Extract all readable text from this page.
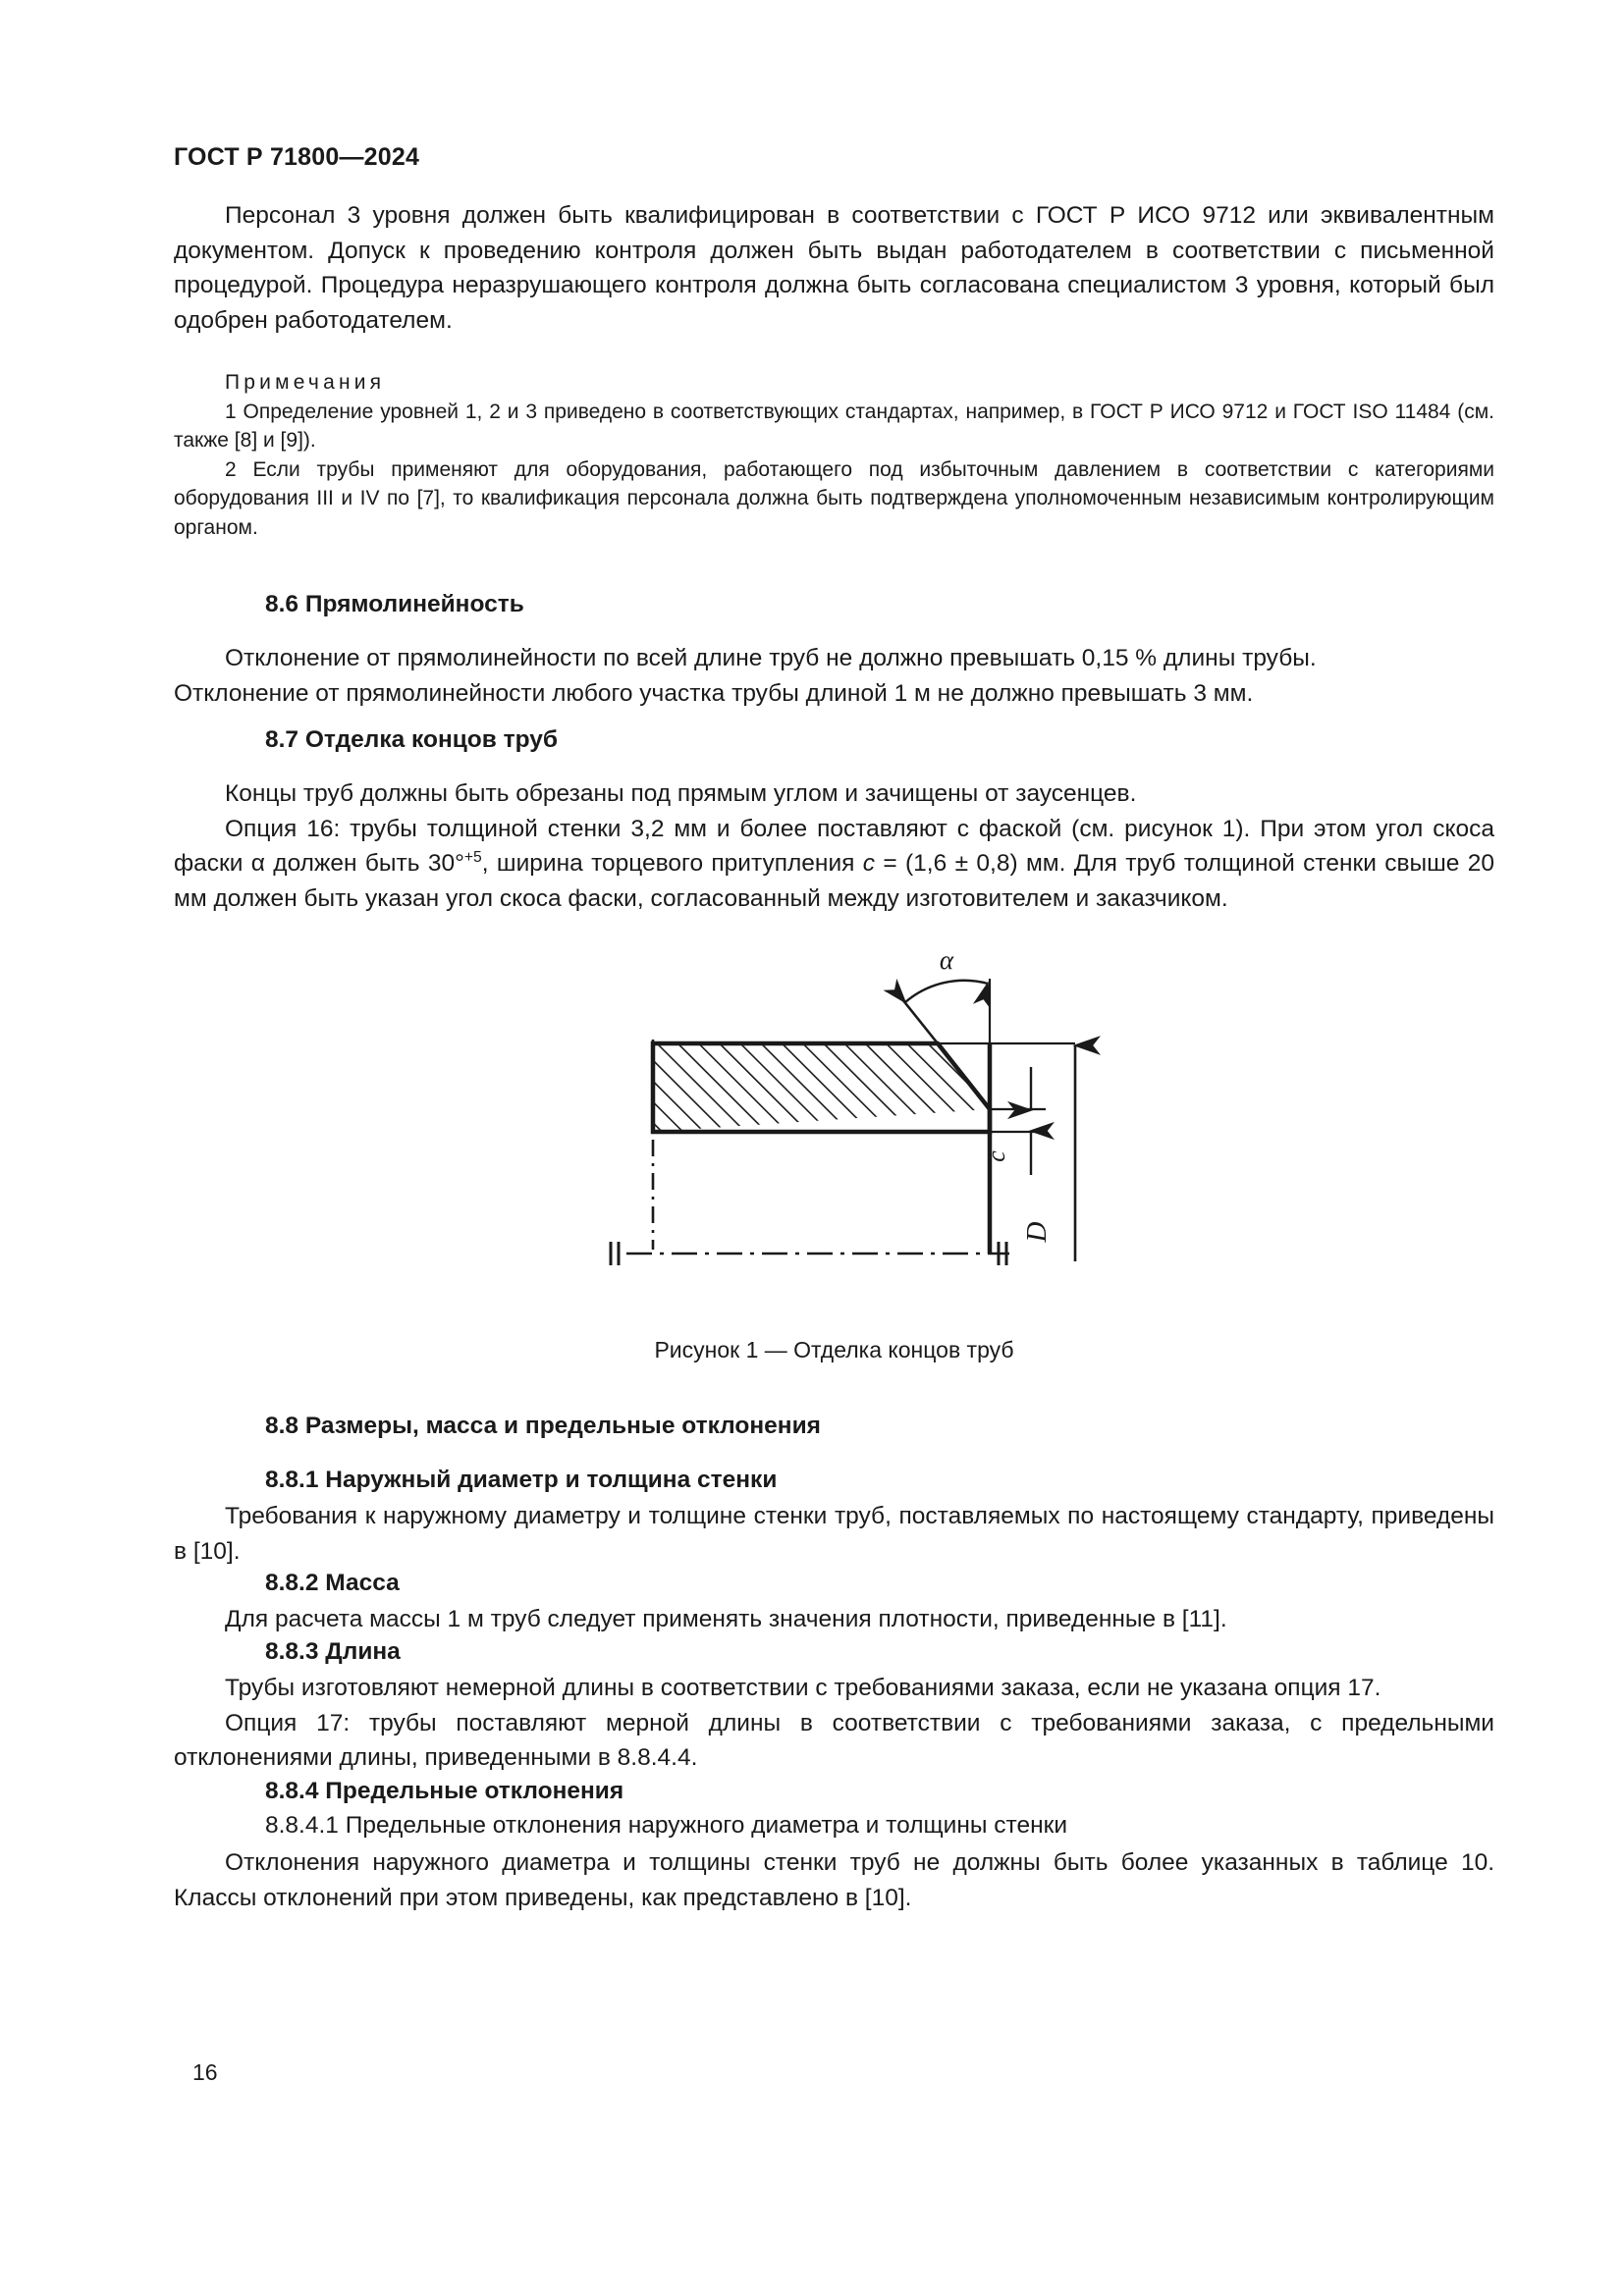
ГОСТ Р 71800—2024

Персонал 3 уровня должен быть квалифицирован в соответствии с ГОСТ Р ИСО 9712 или эквивалентным документом. Допуск к проведению контроля должен быть выдан работодателем в соответствии с письменной процедурой. Процедура неразрушающего контроля должна быть согласована специалистом 3 уровня, который был одобрен работодателем.

Примечания

1 Определение уровней 1, 2 и 3 приведено в соответствующих стандартах, например, в ГОСТ Р ИСО 9712 и ГОСТ ISO 11484 (см. также [8] и [9]).

2 Если трубы применяют для оборудования, работающего под избыточным давлением в соответствии с категориями оборудования III и IV по [7], то квалификация персонала должна быть подтверждена уполномоченным независимым контролирующим органом.

8.6 Прямолинейность

Отклонение от прямолинейности по всей длине труб не должно превышать 0,15 % длины трубы.

Отклонение от прямолинейности любого участка трубы длиной 1 м не должно превышать 3 мм.

8.7 Отделка концов труб

Концы труб должны быть обрезаны под прямым углом и зачищены от заусенцев.

Опция 16: трубы толщиной стенки 3,2 мм и более поставляют с фаской (см. рисунок 1). При этом угол скоса фаски α должен быть 30°$^{+5}$, ширина торцевого притупления c = (1,6 ± 0,8) мм. Для труб толщиной стенки свыше 20 мм должен быть указан угол скоса фаски, согласованный между изготовителем и заказчиком.

α
c
D
Рисунок 1 — Отделка концов труб
8.8 Размеры, масса и предельные отклонения
8.8.1 Наружный диаметр и толщина стенки

Требования к наружному диаметру и толщине стенки труб, поставляемых по настоящему стандарту, приведены в [10].

8.8.2 Масса

Для расчета массы 1 м труб следует применять значения плотности, приведенные в [11].

8.8.3 Длина

Трубы изготовляют немерной длины в соответствии с требованиями заказа, если не указана опция 17.

Опция 17: трубы поставляют мерной длины в соответствии с требованиями заказа, с предельными отклонениями длины, приведенными в 8.8.4.4.

8.8.4 Предельные отклонения
8.8.4.1 Предельные отклонения наружного диаметра и толщины стенки

Отклонения наружного диаметра и толщины стенки труб не должны быть более указанных в таблице 10. Классы отклонений при этом приведены, как представлено в [10].

16
